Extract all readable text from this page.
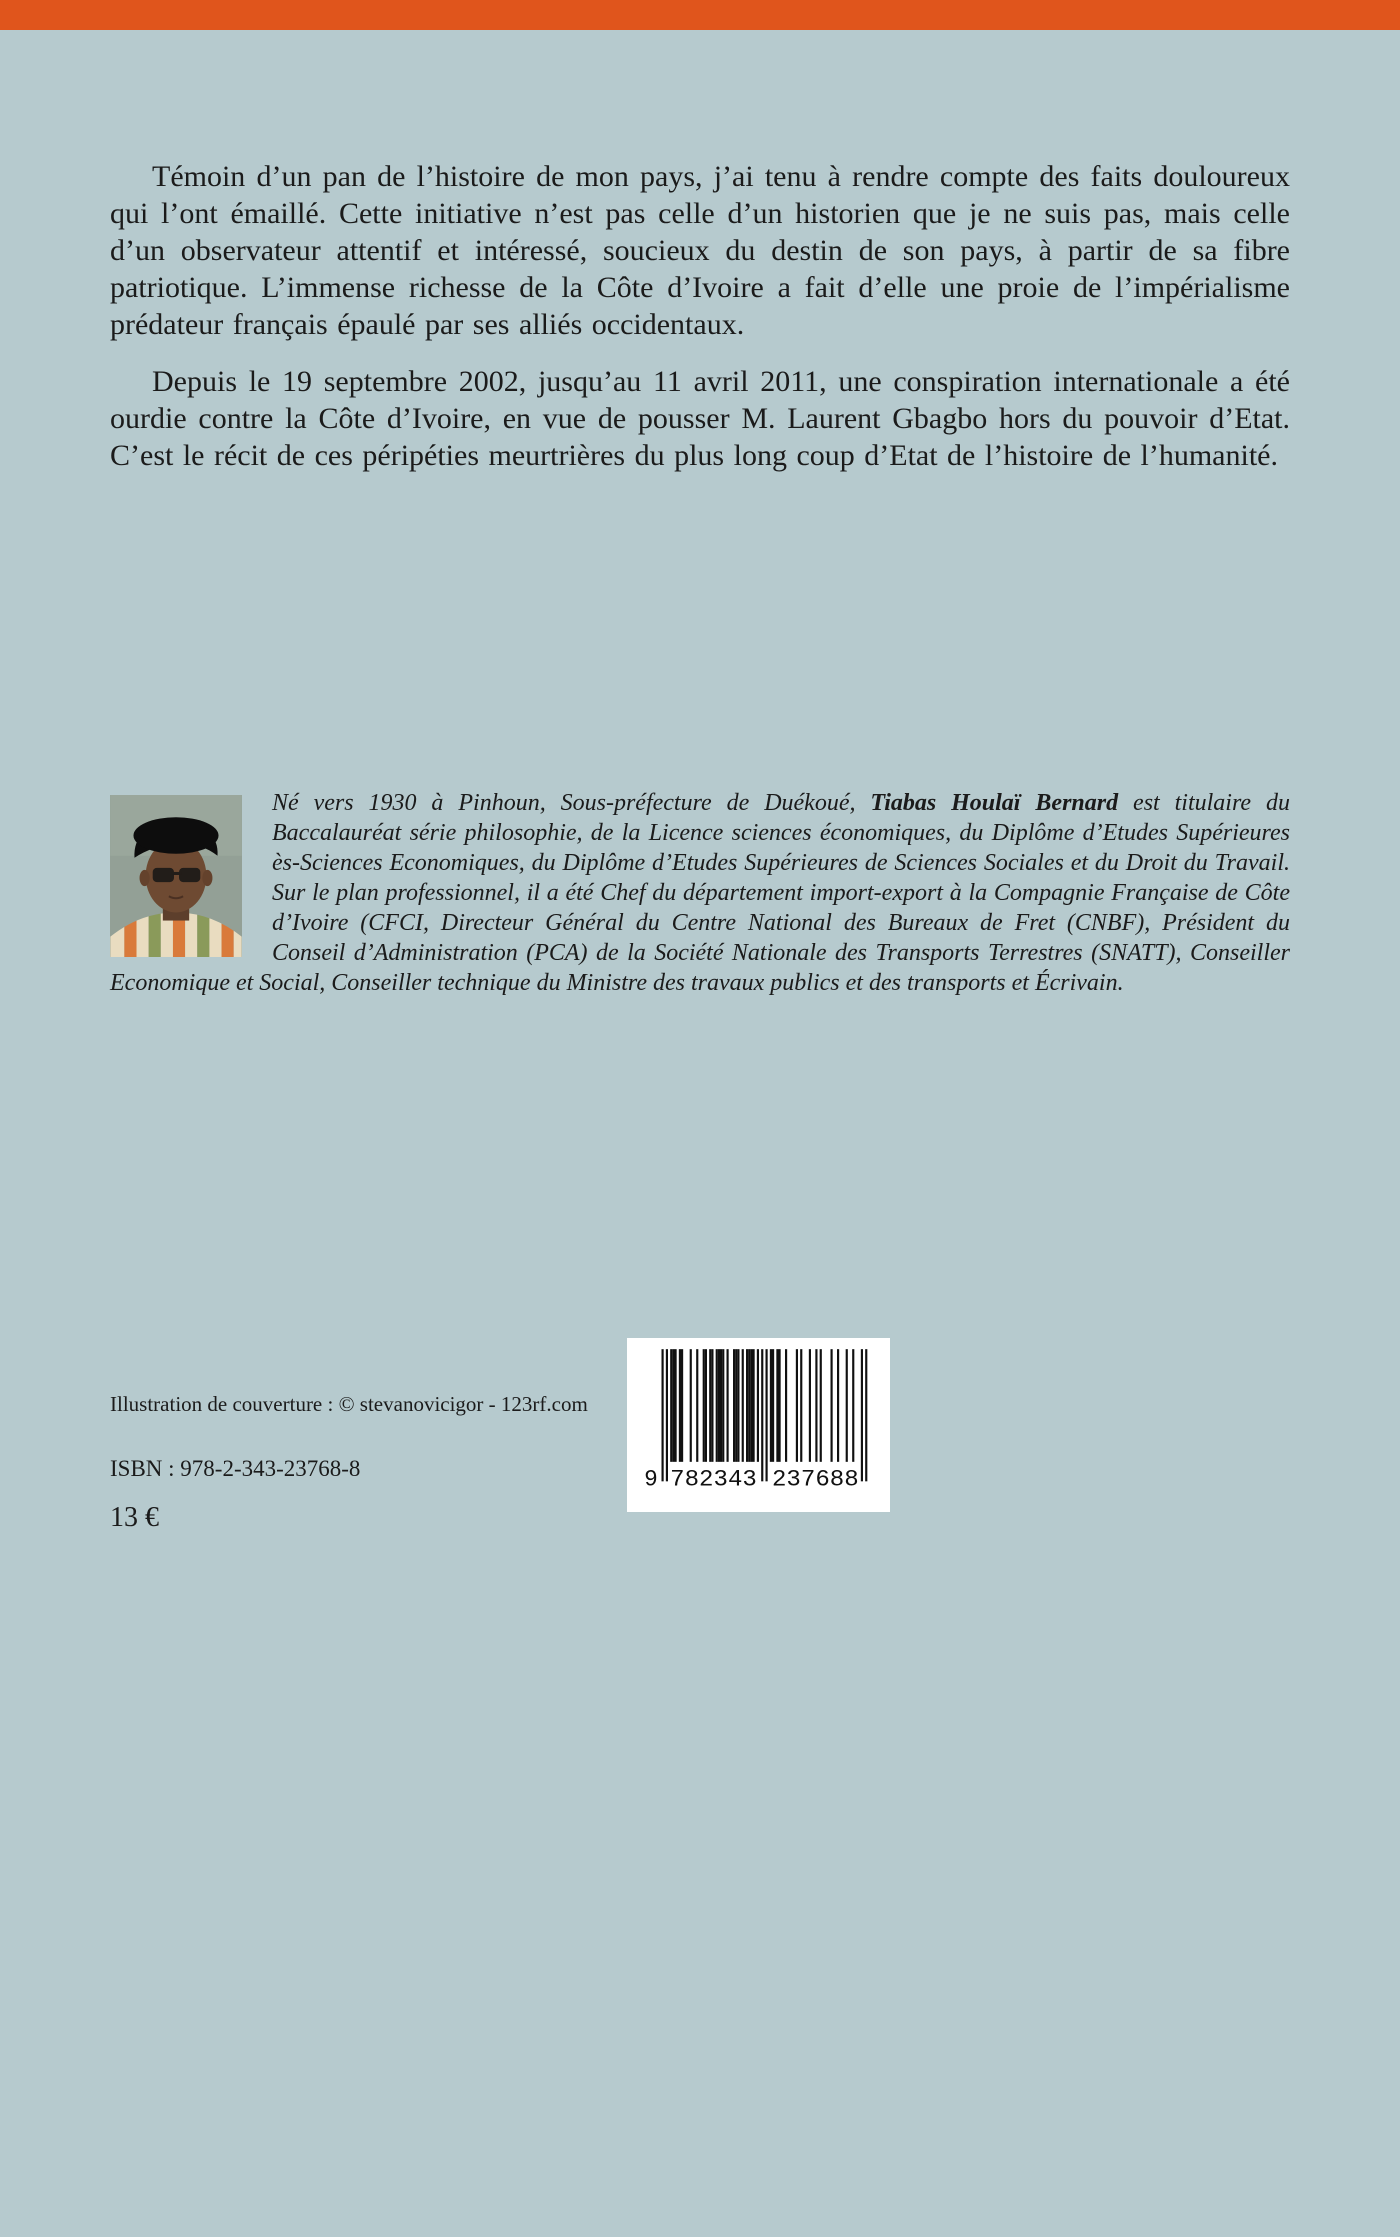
Témoin d’un pan de l’histoire de mon pays, j’ai tenu à rendre compte des faits douloureux qui l’ont émaillé. Cette initiative n’est pas celle d’un historien que je ne suis pas, mais celle d’un observateur attentif et intéressé, soucieux du destin de son pays, à partir de sa fibre patriotique. L’immense richesse de la Côte d’Ivoire a fait d’elle une proie de l’impérialisme prédateur français épaulé par ses alliés occidentaux.

Depuis le 19 septembre 2002, jusqu’au 11 avril 2011, une conspiration internationale a été ourdie contre la Côte d’Ivoire, en vue de pousser M. Laurent Gbagbo hors du pouvoir d’Etat. C’est le récit de ces péripéties meurtrières du plus long coup d’Etat de l’histoire de l’humanité.

Né vers 1930 à Pinhoun, Sous-préfecture de Duékoué, Tiabas Houlaï Bernard est titulaire du Baccalauréat série philosophie, de la Licence sciences économiques, du Diplôme d’Etudes Supérieures ès-Sciences Economiques, du Diplôme d’Etudes Supérieures de Sciences Sociales et du Droit du Travail. Sur le plan professionnel, il a été Chef du département import-export à la Compagnie Française de Côte d’Ivoire (CFCI, Directeur Général du Centre National des Bureaux de Fret (CNBF), Président du Conseil d’Administration (PCA) de la Société Nationale des Transports Terrestres (SNATT), Conseiller Economique et Social, Conseiller technique du Ministre des travaux publics et des transports et Écrivain.

Illustration de couverture : © stevanovicigor - 123rf.com
ISBN : 978-2-343-23768-8
13 €
9 782343 237688
